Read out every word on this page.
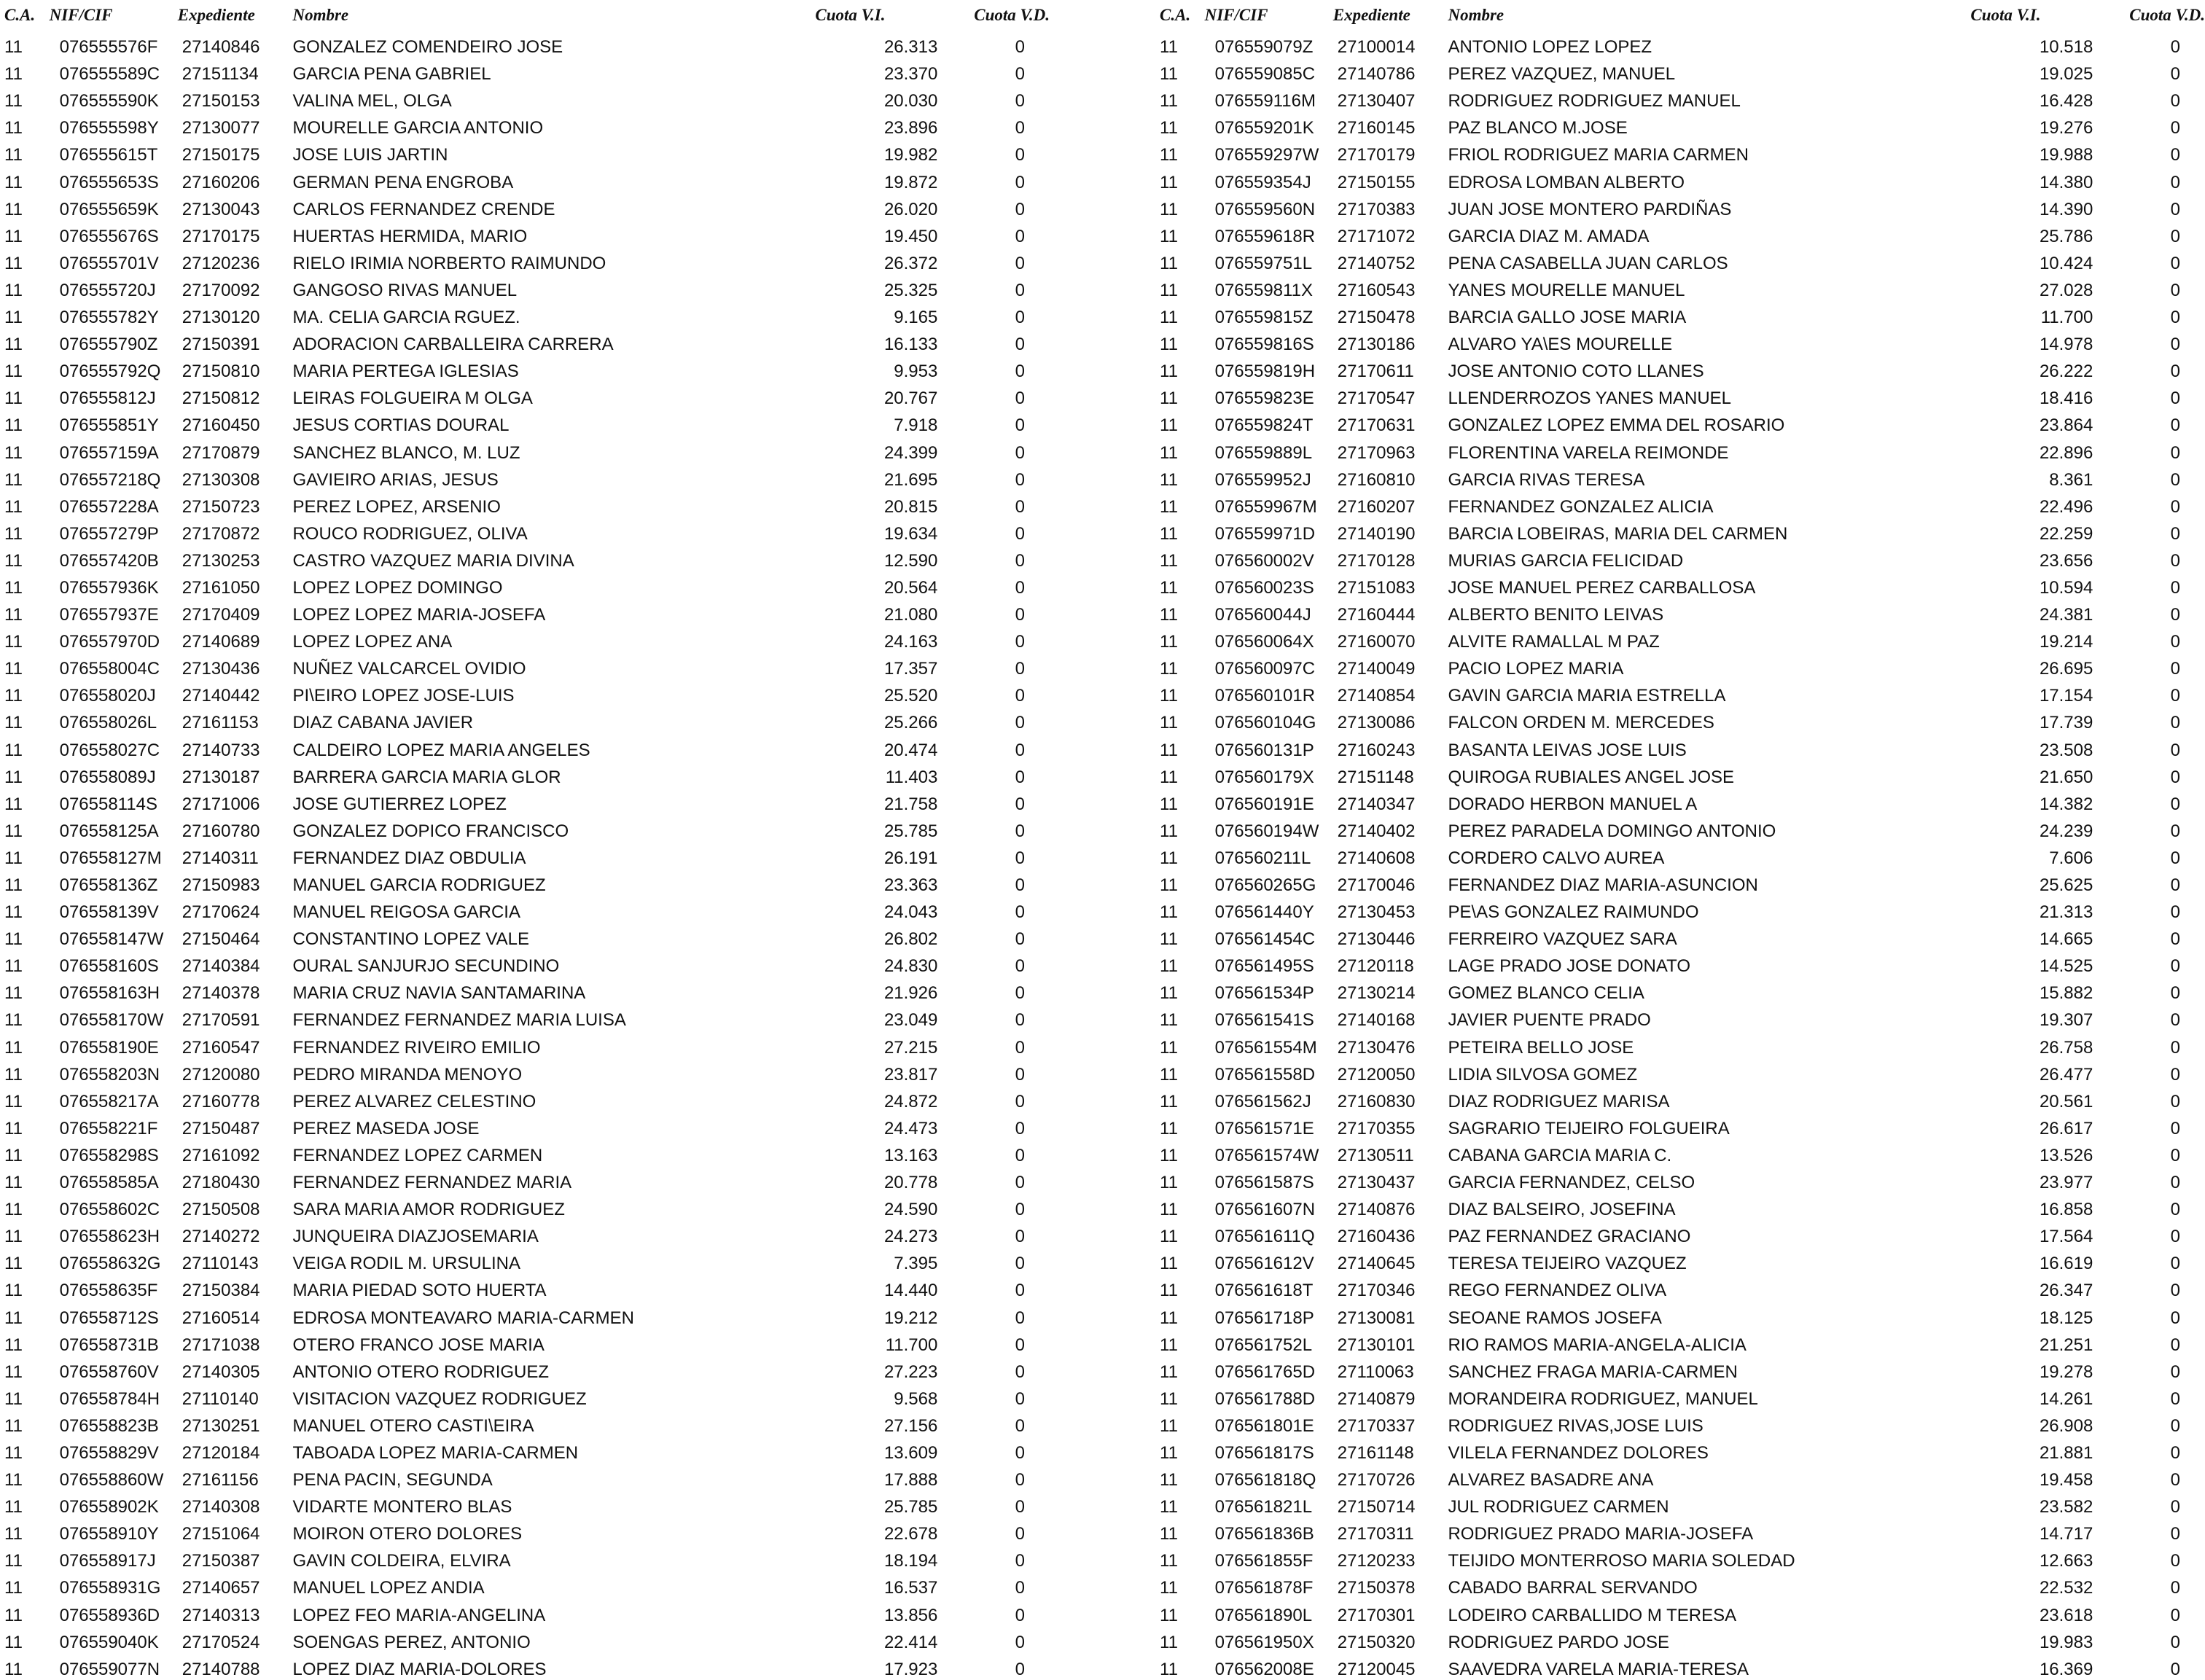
C.A.	NIF/CIF	Expediente	Nombre	Cuota V.I.	Cuota V.D.
11	076555576F	27140846	GONZALEZ COMENDEIRO JOSE	26.313	0
11	076555589C	27151134	GARCIA PENA GABRIEL	23.370	0
11	076555590K	27150153	VALINA MEL, OLGA	20.030	0
11	076555598Y	27130077	MOURELLE GARCIA ANTONIO	23.896	0
11	076555615T	27150175	JOSE LUIS JARTIN	19.982	0
11	076555653S	27160206	GERMAN PENA ENGROBA	19.872	0
11	076555659K	27130043	CARLOS FERNANDEZ CRENDE	26.020	0
11	076555676S	27170175	HUERTAS HERMIDA, MARIO	19.450	0
11	076555701V	27120236	RIELO IRIMIA NORBERTO RAIMUNDO	26.372	0
11	076555720J	27170092	GANGOSO RIVAS MANUEL	25.325	0
11	076555782Y	27130120	MA. CELIA GARCIA RGUEZ.	9.165	0
11	076555790Z	27150391	ADORACION CARBALLEIRA CARRERA	16.133	0
11	076555792Q	27150810	MARIA PERTEGA IGLESIAS	9.953	0
11	076555812J	27150812	LEIRAS FOLGUEIRA M OLGA	20.767	0
11	076555851Y	27160450	JESUS CORTIAS DOURAL	7.918	0
11	076557159A	27170879	SANCHEZ BLANCO, M. LUZ	24.399	0
11	076557218Q	27130308	GAVIEIRO ARIAS, JESUS	21.695	0
11	076557228A	27150723	PEREZ LOPEZ, ARSENIO	20.815	0
11	076557279P	27170872	ROUCO RODRIGUEZ, OLIVA	19.634	0
11	076557420B	27130253	CASTRO VAZQUEZ MARIA DIVINA	12.590	0
11	076557936K	27161050	LOPEZ LOPEZ DOMINGO	20.564	0
11	076557937E	27170409	LOPEZ LOPEZ MARIA-JOSEFA	21.080	0
11	076557970D	27140689	LOPEZ LOPEZ ANA	24.163	0
11	076558004C	27130436	NUÑEZ VALCARCEL OVIDIO	17.357	0
11	076558020J	27140442	PI\EIRO LOPEZ JOSE-LUIS	25.520	0
11	076558026L	27161153	DIAZ CABANA JAVIER	25.266	0
11	076558027C	27140733	CALDEIRO LOPEZ MARIA ANGELES	20.474	0
11	076558089J	27130187	BARRERA GARCIA MARIA GLOR	11.403	0
11	076558114S	27171006	JOSE GUTIERREZ LOPEZ	21.758	0
11	076558125A	27160780	GONZALEZ DOPICO FRANCISCO	25.785	0
11	076558127M	27140311	FERNANDEZ DIAZ OBDULIA	26.191	0
11	076558136Z	27150983	MANUEL GARCIA RODRIGUEZ	23.363	0
11	076558139V	27170624	MANUEL REIGOSA GARCIA	24.043	0
11	076558147W	27150464	CONSTANTINO LOPEZ VALE	26.802	0
11	076558160S	27140384	OURAL SANJURJO SECUNDINO	24.830	0
11	076558163H	27140378	MARIA CRUZ NAVIA SANTAMARINA	21.926	0
11	076558170W	27170591	FERNANDEZ FERNANDEZ MARIA LUISA	23.049	0
11	076558190E	27160547	FERNANDEZ RIVEIRO EMILIO	27.215	0
11	076558203N	27120080	PEDRO MIRANDA MENOYO	23.817	0
11	076558217A	27160778	PEREZ ALVAREZ CELESTINO	24.872	0
11	076558221F	27150487	PEREZ MASEDA JOSE	24.473	0
11	076558298S	27161092	FERNANDEZ LOPEZ CARMEN	13.163	0
11	076558585A	27180430	FERNANDEZ FERNANDEZ MARIA	20.778	0
11	076558602C	27150508	SARA MARIA AMOR RODRIGUEZ	24.590	0
11	076558623H	27140272	JUNQUEIRA DIAZJOSEMARIA	24.273	0
11	076558632G	27110143	VEIGA RODIL M. URSULINA	7.395	0
11	076558635F	27150384	MARIA PIEDAD SOTO HUERTA	14.440	0
11	076558712S	27160514	EDROSA MONTEAVARO MARIA-CARMEN	19.212	0
11	076558731B	27171038	OTERO FRANCO JOSE MARIA	11.700	0
11	076558760V	27140305	ANTONIO OTERO RODRIGUEZ	27.223	0
11	076558784H	27110140	VISITACION VAZQUEZ RODRIGUEZ	9.568	0
11	076558823B	27130251	MANUEL OTERO CASTI\EIRA	27.156	0
11	076558829V	27120184	TABOADA LOPEZ MARIA-CARMEN	13.609	0
11	076558860W	27161156	PENA PACIN, SEGUNDA	17.888	0
11	076558902K	27140308	VIDARTE MONTERO BLAS	25.785	0
11	076558910Y	27151064	MOIRON OTERO DOLORES	22.678	0
11	076558917J	27150387	GAVIN COLDEIRA, ELVIRA	18.194	0
11	076558931G	27140657	MANUEL LOPEZ ANDIA	16.537	0
11	076558936D	27140313	LOPEZ FEO MARIA-ANGELINA	13.856	0
11	076559040K	27170524	SOENGAS PEREZ, ANTONIO	22.414	0
11	076559077N	27140788	LOPEZ DIAZ MARIA-DOLORES	17.923	0
C.A.	NIF/CIF	Expediente	Nombre	Cuota V.I.	Cuota V.D.
11	076559079Z	27100014	ANTONIO LOPEZ LOPEZ	10.518	0
11	076559085C	27140786	PEREZ VAZQUEZ, MANUEL	19.025	0
11	076559116M	27130407	RODRIGUEZ RODRIGUEZ MANUEL	16.428	0
11	076559201K	27160145	PAZ BLANCO M.JOSE	19.276	0
11	076559297W	27170179	FRIOL RODRIGUEZ MARIA CARMEN	19.988	0
11	076559354J	27150155	EDROSA LOMBAN ALBERTO	14.380	0
11	076559560N	27170383	JUAN JOSE MONTERO PARDIÑAS	14.390	0
11	076559618R	27171072	GARCIA DIAZ M. AMADA	25.786	0
11	076559751L	27140752	PENA CASABELLA JUAN CARLOS	10.424	0
11	076559811X	27160543	YANES MOURELLE MANUEL	27.028	0
11	076559815Z	27150478	BARCIA GALLO JOSE MARIA	11.700	0
11	076559816S	27130186	ALVARO YA\ES MOURELLE	14.978	0
11	076559819H	27170611	JOSE ANTONIO COTO LLANES	26.222	0
11	076559823E	27170547	LLENDERROZOS YANES MANUEL	18.416	0
11	076559824T	27170631	GONZALEZ LOPEZ EMMA DEL ROSARIO	23.864	0
11	076559889L	27170963	FLORENTINA VARELA REIMONDE	22.896	0
11	076559952J	27160810	GARCIA RIVAS TERESA	8.361	0
11	076559967M	27160207	FERNANDEZ GONZALEZ ALICIA	22.496	0
11	076559971D	27140190	BARCIA LOBEIRAS, MARIA DEL CARMEN	22.259	0
11	076560002V	27170128	MURIAS GARCIA FELICIDAD	23.656	0
11	076560023S	27151083	JOSE MANUEL PEREZ CARBALLOSA	10.594	0
11	076560044J	27160444	ALBERTO BENITO LEIVAS	24.381	0
11	076560064X	27160070	ALVITE RAMALLAL M PAZ	19.214	0
11	076560097C	27140049	PACIO LOPEZ MARIA	26.695	0
11	076560101R	27140854	GAVIN GARCIA MARIA ESTRELLA	17.154	0
11	076560104G	27130086	FALCON ORDEN M. MERCEDES	17.739	0
11	076560131P	27160243	BASANTA LEIVAS JOSE LUIS	23.508	0
11	076560179X	27151148	QUIROGA RUBIALES ANGEL JOSE	21.650	0
11	076560191E	27140347	DORADO HERBON MANUEL A	14.382	0
11	076560194W	27140402	PEREZ PARADELA DOMINGO ANTONIO	24.239	0
11	076560211L	27140608	CORDERO CALVO AUREA	7.606	0
11	076560265G	27170046	FERNANDEZ DIAZ MARIA-ASUNCION	25.625	0
11	076561440Y	27130453	PE\AS GONZALEZ RAIMUNDO	21.313	0
11	076561454C	27130446	FERREIRO VAZQUEZ SARA	14.665	0
11	076561495S	27120118	LAGE PRADO JOSE DONATO	14.525	0
11	076561534P	27130214	GOMEZ BLANCO CELIA	15.882	0
11	076561541S	27140168	JAVIER PUENTE PRADO	19.307	0
11	076561554M	27130476	PETEIRA BELLO JOSE	26.758	0
11	076561558D	27120050	LIDIA SILVOSA GOMEZ	26.477	0
11	076561562J	27160830	DIAZ RODRIGUEZ MARISA	20.561	0
11	076561571E	27170355	SAGRARIO TEIJEIRO FOLGUEIRA	26.617	0
11	076561574W	27130511	CABANA GARCIA MARIA C.	13.526	0
11	076561587S	27130437	GARCIA FERNANDEZ, CELSO	23.977	0
11	076561607N	27140876	DIAZ BALSEIRO, JOSEFINA	16.858	0
11	076561611Q	27160436	PAZ FERNANDEZ GRACIANO	17.564	0
11	076561612V	27140645	TERESA TEIJEIRO VAZQUEZ	16.619	0
11	076561618T	27170346	REGO FERNANDEZ OLIVA	26.347	0
11	076561718P	27130081	SEOANE RAMOS JOSEFA	18.125	0
11	076561752L	27130101	RIO RAMOS MARIA-ANGELA-ALICIA	21.251	0
11	076561765D	27110063	SANCHEZ FRAGA MARIA-CARMEN	19.278	0
11	076561788D	27140879	MORANDEIRA RODRIGUEZ, MANUEL	14.261	0
11	076561801E	27170337	RODRIGUEZ RIVAS,JOSE LUIS	26.908	0
11	076561817S	27161148	VILELA FERNANDEZ DOLORES	21.881	0
11	076561818Q	27170726	ALVAREZ BASADRE ANA	19.458	0
11	076561821L	27150714	JUL RODRIGUEZ CARMEN	23.582	0
11	076561836B	27170311	RODRIGUEZ PRADO MARIA-JOSEFA	14.717	0
11	076561855F	27120233	TEIJIDO MONTERROSO MARIA SOLEDAD	12.663	0
11	076561878F	27150378	CABADO BARRAL SERVANDO	22.532	0
11	076561890L	27170301	LODEIRO CARBALLIDO M TERESA	23.618	0
11	076561950X	27150320	RODRIGUEZ PARDO JOSE	19.983	0
11	076562008E	27120045	SAAVEDRA VARELA MARIA-TERESA	16.369	0
